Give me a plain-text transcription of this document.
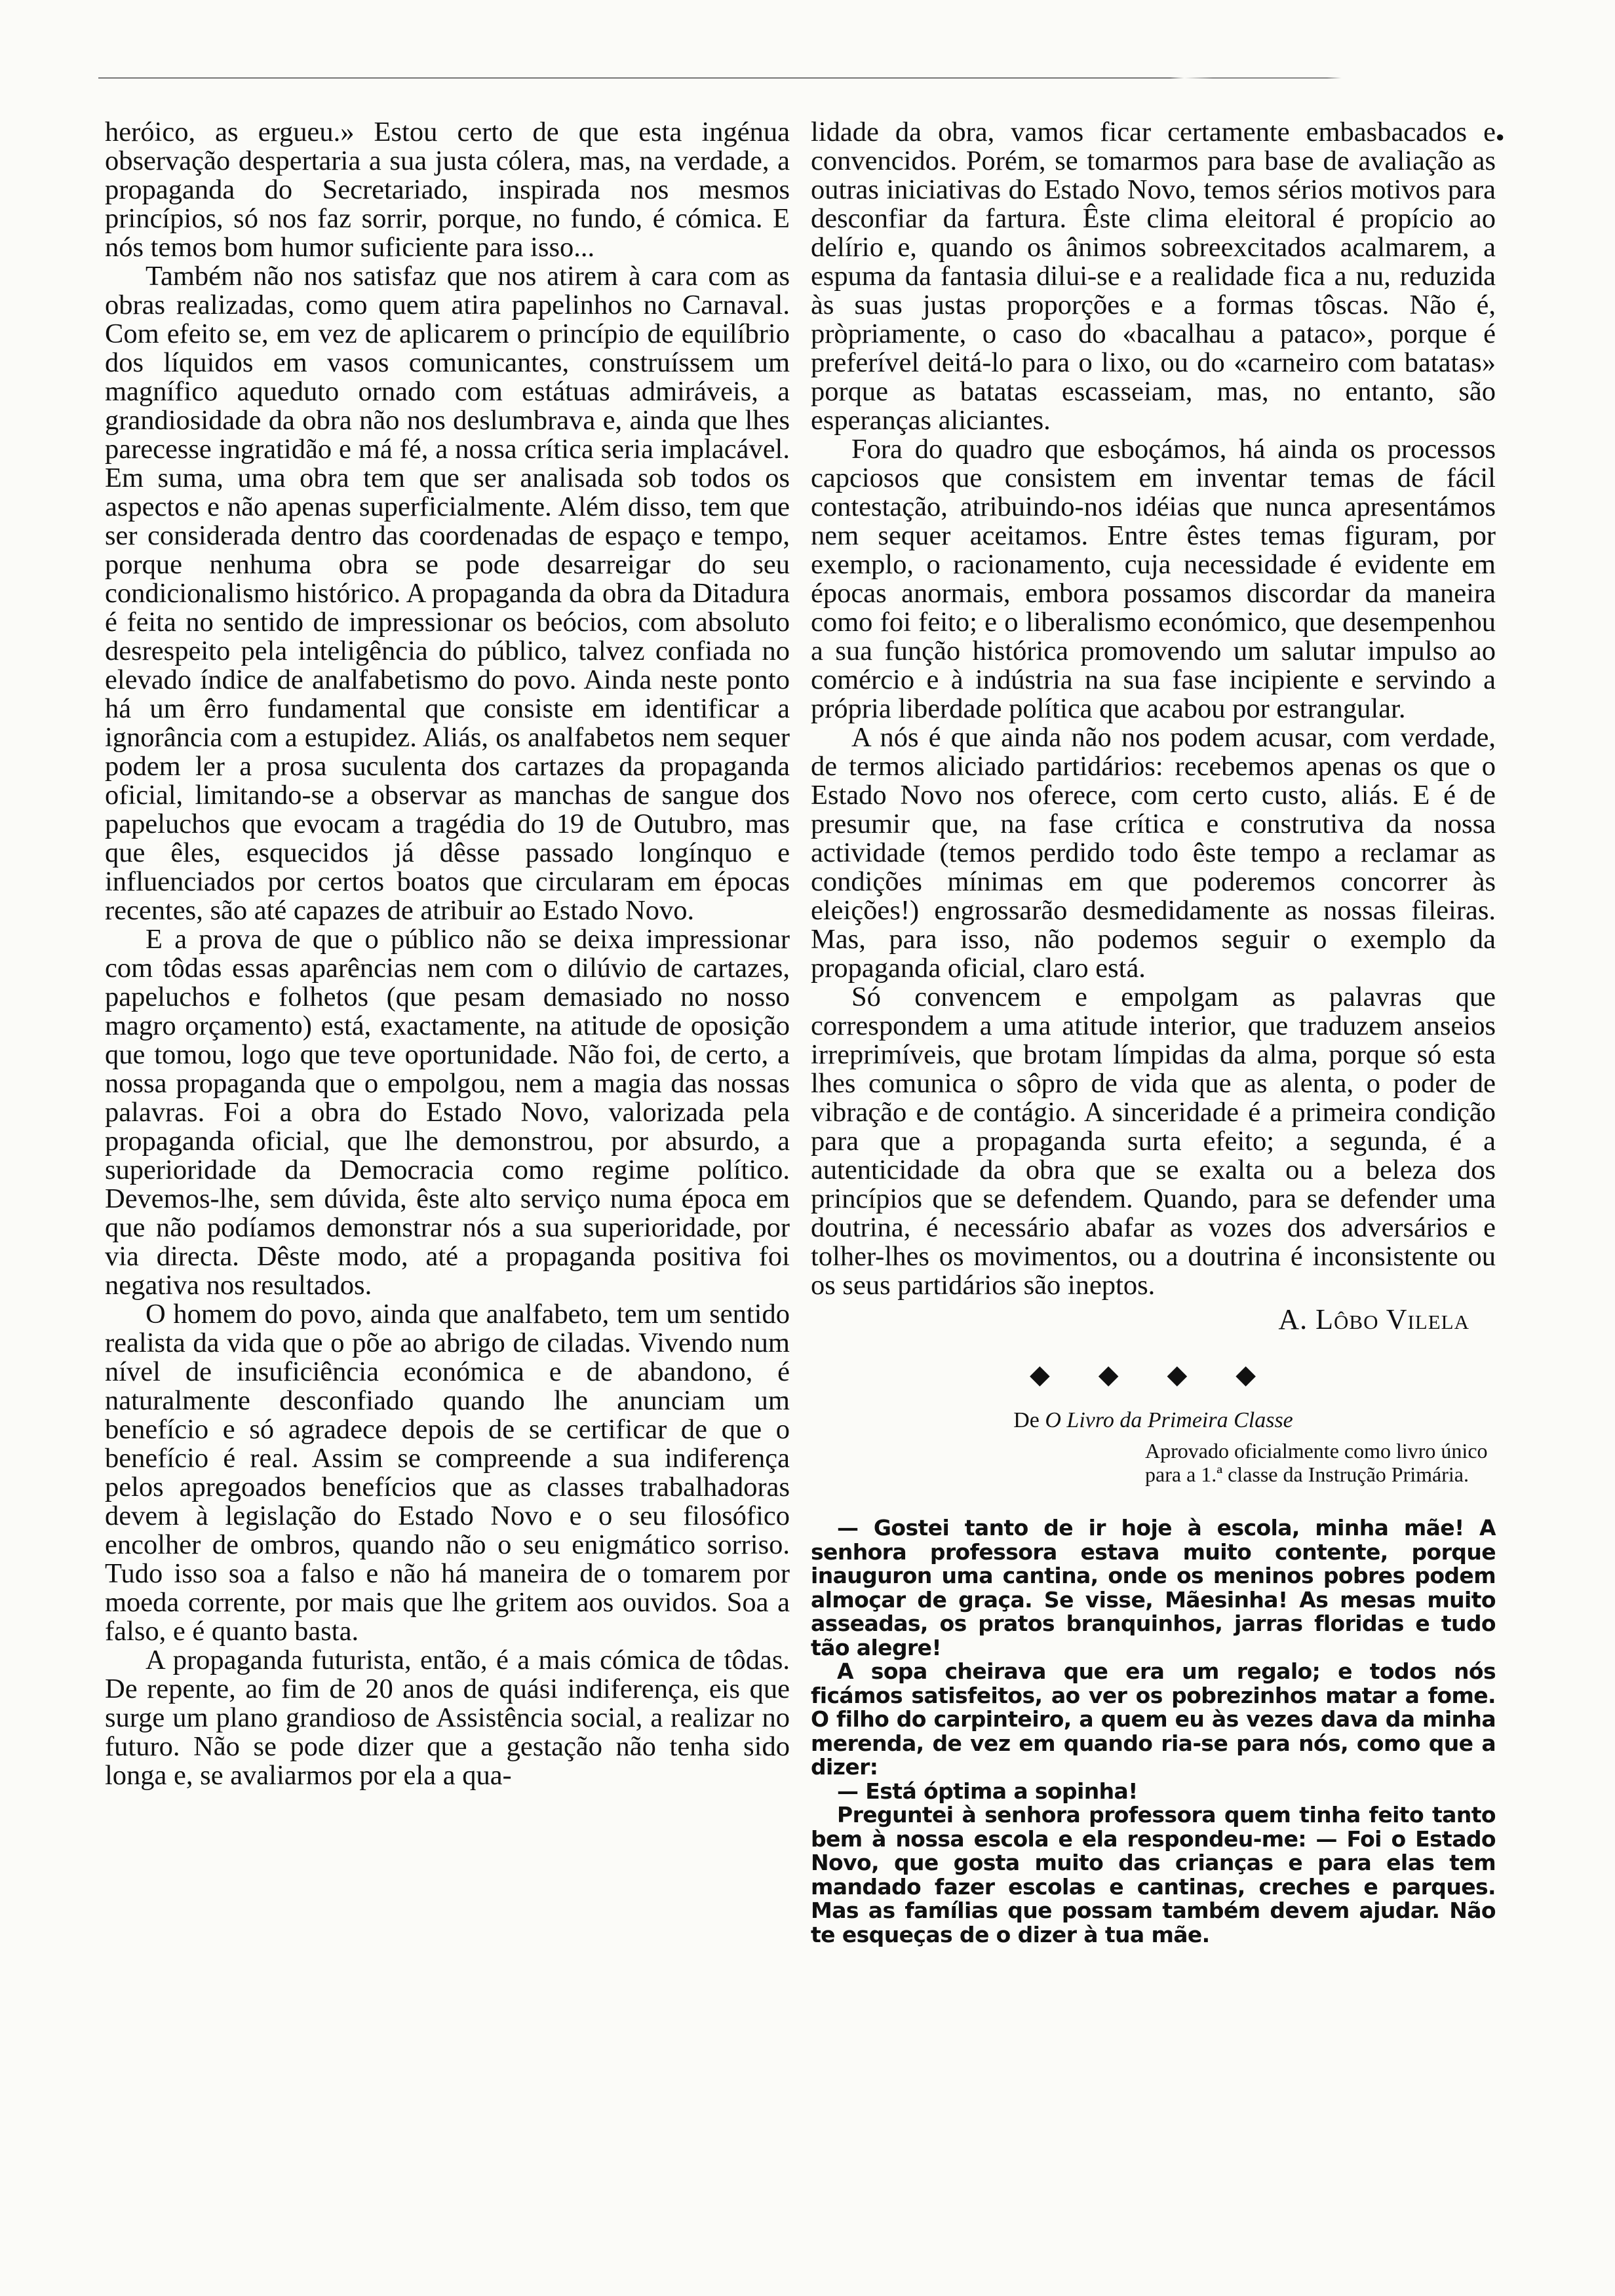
●

heróico, as ergueu.» Estou certo de que esta ingénua observação despertaria a sua justa cólera, mas, na verdade, a propaganda do Secretariado, inspirada nos mesmos princípios, só nos faz sorrir, porque, no fundo, é cómica. E nós temos bom humor suficiente para isso...

Também não nos satisfaz que nos atirem à cara com as obras realizadas, como quem atira papelinhos no Carnaval. Com efeito se, em vez de aplicarem o princípio de equilíbrio dos líquidos em vasos comunicantes, construíssem um magnífico aqueduto ornado com estátuas admiráveis, a grandiosidade da obra não nos deslumbrava e, ainda que lhes parecesse ingratidão e má fé, a nossa crítica seria implacável. Em suma, uma obra tem que ser analisada sob todos os aspectos e não apenas superficialmente. Além disso, tem que ser considerada dentro das coordenadas de espaço e tempo, porque nenhuma obra se pode desarreigar do seu condicionalismo histórico. A propaganda da obra da Ditadura é feita no sentido de impressionar os beócios, com absoluto desrespeito pela inteligência do público, talvez confiada no elevado índice de analfabetismo do povo. Ainda neste ponto há um êrro fundamental que consiste em identificar a ignorância com a estupidez. Aliás, os analfabetos nem sequer podem ler a prosa suculenta dos cartazes da propaganda oficial, limitando-se a observar as manchas de sangue dos papeluchos que evocam a tragédia do 19 de Outubro, mas que êles, esquecidos já dêsse passado longínquo e influenciados por certos boatos que circularam em épocas recentes, são até capazes de atribuir ao Estado Novo.

E a prova de que o público não se deixa impressionar com tôdas essas aparências nem com o dilúvio de cartazes, papeluchos e folhetos (que pesam demasiado no nosso magro orçamento) está, exactamente, na atitude de oposição que tomou, logo que teve oportunidade. Não foi, de certo, a nossa propaganda que o empolgou, nem a magia das nossas palavras. Foi a obra do Estado Novo, valorizada pela propaganda oficial, que lhe demonstrou, por absurdo, a superioridade da Democracia como regime político. Devemos-lhe, sem dúvida, êste alto serviço numa época em que não podíamos demonstrar nós a sua superioridade, por via directa. Dêste modo, até a propaganda positiva foi negativa nos resultados.

O homem do povo, ainda que analfabeto, tem um sentido realista da vida que o põe ao abrigo de ciladas. Vivendo num nível de insuficiência económica e de abandono, é naturalmente desconfiado quando lhe anunciam um benefício e só agradece depois de se certificar de que o benefício é real. Assim se compreende a sua indiferença pelos apregoados benefícios que as classes trabalhadoras devem à legislação do Estado Novo e o seu filosófico encolher de ombros, quando não o seu enigmático sorriso. Tudo isso soa a falso e não há maneira de o tomarem por moeda corrente, por mais que lhe gritem aos ouvidos. Soa a falso, e é quanto basta.

A propaganda futurista, então, é a mais cómica de tôdas. De repente, ao fim de 20 anos de quási indiferença, eis que surge um plano grandioso de Assistência social, a realizar no futuro. Não se pode dizer que a gestação não tenha sido longa e, se avaliarmos por ela a qua-

lidade da obra, vamos ficar certamente embasbacados e convencidos. Porém, se tomarmos para base de avaliação as outras iniciativas do Estado Novo, temos sérios motivos para desconfiar da fartura. Êste clima eleitoral é propício ao delírio e, quando os ânimos sobreexcitados acalmarem, a espuma da fantasia dilui-se e a realidade fica a nu, reduzida às suas justas proporções e a formas tôscas. Não é, pròpriamente, o caso do «bacalhau a pataco», porque é preferível deitá-lo para o lixo, ou do «carneiro com batatas» porque as batatas escasseiam, mas, no entanto, são esperanças aliciantes.

Fora do quadro que esboçámos, há ainda os processos capciosos que consistem em inventar temas de fácil contestação, atribuindo-nos idéias que nunca apresentámos nem sequer aceitamos. Entre êstes temas figuram, por exemplo, o racionamento, cuja necessidade é evidente em épocas anormais, embora possamos discordar da maneira como foi feito; e o liberalismo económico, que desempenhou a sua função histórica promovendo um salutar impulso ao comércio e à indústria na sua fase incipiente e servindo a própria liberdade política que acabou por estrangular.

A nós é que ainda não nos podem acusar, com verdade, de termos aliciado partidários: recebemos apenas os que o Estado Novo nos oferece, com certo custo, aliás. E é de presumir que, na fase crítica e construtiva da nossa actividade (temos perdido todo êste tempo a reclamar as condições mínimas em que poderemos concorrer às eleições!) engrossarão desmedidamente as nossas fileiras. Mas, para isso, não podemos seguir o exemplo da propaganda oficial, claro está.

Só convencem e empolgam as palavras que correspondem a uma atitude interior, que traduzem anseios irreprimíveis, que brotam límpidas da alma, porque só esta lhes comunica o sôpro de vida que as alenta, o poder de vibração e de contágio. A sinceridade é a primeira condição para que a propaganda surta efeito; a segunda, é a autenticidade da obra que se exalta ou a beleza dos princípios que se defendem. Quando, para se defender uma doutrina, é necessário abafar as vozes dos adversários e tolher-lhes os movimentos, ou a doutrina é inconsistente ou os seus partidários são ineptos.

A. Lôbo Vilela
◆ ◆ ◆ ◆
De O Livro da Primeira Classe
Aprovado oficialmente como livro único para a 1.ª classe da Instrução Primária.

— Gostei tanto de ir hoje à escola, minha mãe! A senhora professora estava muito contente, porque inauguron uma cantina, onde os meninos pobres podem almoçar de graça. Se visse, Mãesinha! As mesas muito asseadas, os pratos branquinhos, jarras floridas e tudo tão alegre!

A sopa cheirava que era um regalo; e todos nós ficámos satisfeitos, ao ver os pobrezinhos matar a fome. O filho do carpinteiro, a quem eu às vezes dava da minha merenda, de vez em quando ria-se para nós, como que a dizer:

— Está óptima a sopinha!

Preguntei à senhora professora quem tinha feito tanto bem à nossa escola e ela respondeu-me: — Foi o Estado Novo, que gosta muito das crianças e para elas tem mandado fazer escolas e cantinas, creches e parques. Mas as famílias que possam também devem ajudar. Não te esqueças de o dizer à tua mãe.
